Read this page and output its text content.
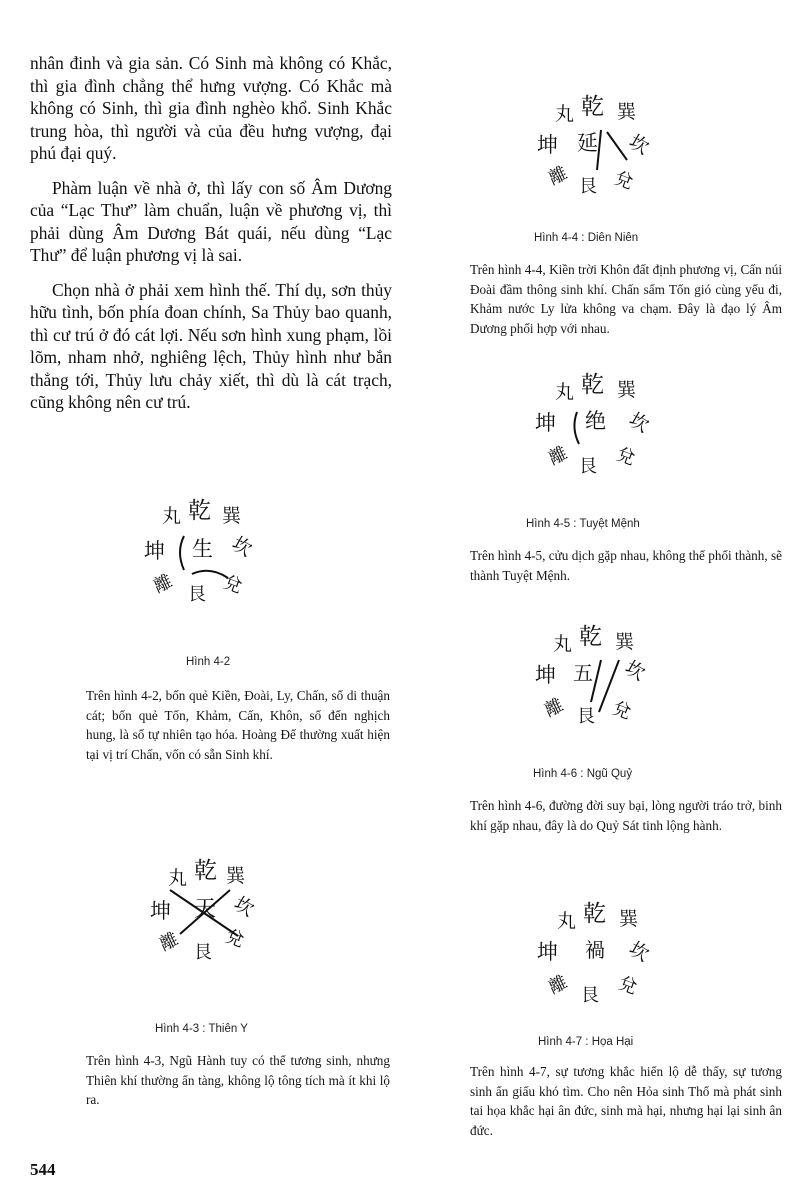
nhân đinh và gia sản. Có Sinh mà không có Khắc, thì gia đình chẳng thể hưng vượng. Có Khắc mà không có Sinh, thì gia đình nghèo khổ. Sinh Khắc trung hòa, thì người và của đều hưng vượng, đại phú đại quý.

Phàm luận về nhà ở, thì lấy con số Âm Dương của “Lạc Thư” làm chuẩn, luận về phương vị, thì phải dùng Âm Dương Bát quái, nếu dùng “Lạc Thư” để luận phương vị là sai.

Chọn nhà ở phải xem hình thế. Thí dụ, sơn thủy hữu tình, bốn phía đoan chính, Sa Thủy bao quanh, thì cư trú ở đó cát lợi. Nếu sơn hình xung phạm, lồi lõm, nham nhở, nghiêng lệch, Thủy hình như bắn thẳng tới, Thủy lưu chảy xiết, thì dù là cát trạch, cũng không nên cư trú.

丸 乾 巽
坤 生 坎
離 艮 兌
Hình 4-2

Trên hình 4-2, bốn quẻ Kiền, Đoài, Ly, Chấn, số di thuận cát; bốn quẻ Tốn, Khảm, Cấn, Khôn, số đến nghịch hung, là số tự nhiên tạo hóa. Hoàng Đế thường xuất hiện tại vị trí Chấn, vốn có sẵn Sinh khí.

丸 乾 巽
坤 天 坎
離 艮
兌
Hình 4-3 : Thiên Y

Trên hình 4-3, Ngũ Hành tuy có thể tương sinh, nhưng Thiên khí thường ẩn tàng, không lộ tông tích mà ít khi lộ ra.

丸 乾 巽
坤 延 坎
離 艮 兌
Hình 4-4 : Diên Niên

Trên hình 4-4, Kiền trời Khôn đất định phương vị, Cấn núi Đoài đầm thông sinh khí. Chấn sấm Tốn gió cùng yếu đi, Khảm nước Ly lửa không va chạm. Đây là đạo lý Âm Dương phối hợp với nhau.

丸 乾 巽
坤 绝 坎
離 艮 兌
Hình 4-5 : Tuyệt Mệnh

Trên hình 4-5, cửu dịch gặp nhau, không thể phối thành, sẽ thành Tuyệt Mệnh.

丸 乾 巽
坤 五 坎
離 艮 兌
Hình 4-6 : Ngũ Quỷ

Trên hình 4-6, đường đời suy bại, lòng người tráo trở, binh khí gặp nhau, đây là do Quỷ Sát tinh lộng hành.

丸 乾 巽
坤 禍 坎
離 艮 兌
Hình 4-7 : Họa Hại

Trên hình 4-7, sự tương khắc hiển lộ dễ thấy, sự tương sinh ẩn giấu khó tìm. Cho nên Hỏa sinh Thổ mà phát sinh tai họa khắc hại ân đức, sinh mà hại, nhưng hại lại sinh ân đức.

544
